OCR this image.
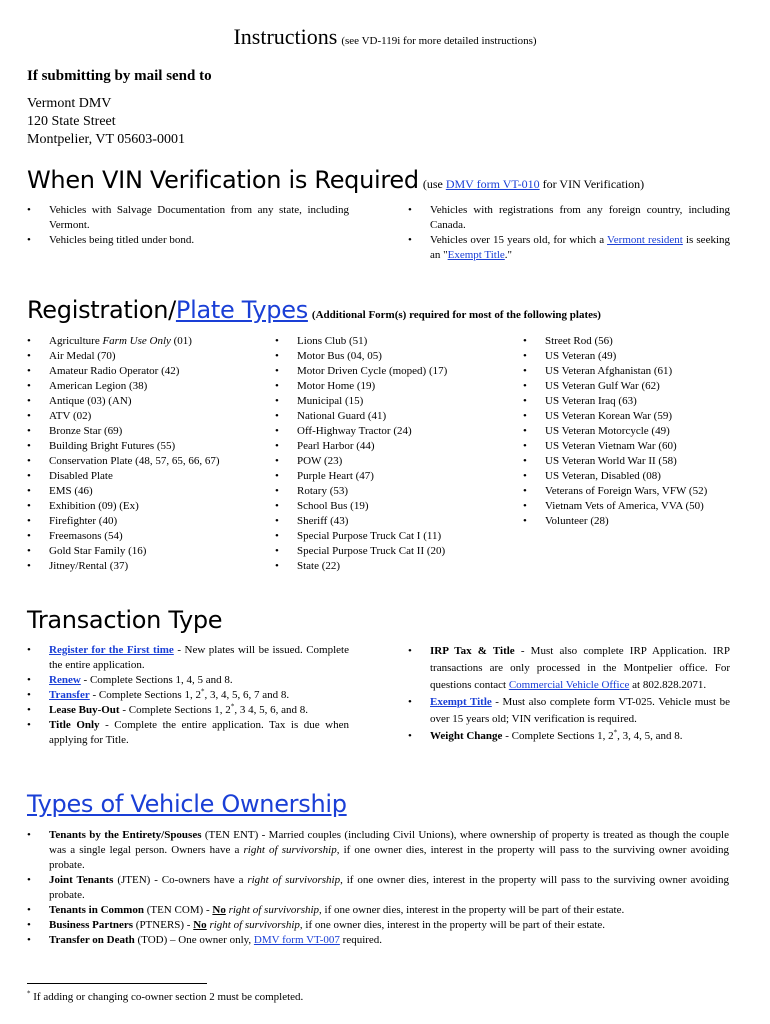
Instructions (see VD-119i for more detailed instructions)
If submitting by mail send to
Vermont DMV
120 State Street
Montpelier, VT 05603-0001
When VIN Verification is Required (use DMV form VT-010 for VIN Verification)
• Vehicles with Salvage Documentation from any state, including Vermont.
• Vehicles being titled under bond.
• Vehicles with registrations from any foreign country, including Canada.
• Vehicles over 15 years old, for which a Vermont resident is seeking an "Exempt Title."
Registration/Plate Types (Additional Form(s) required for most of the following plates)
• Agriculture Farm Use Only (01)
• Air Medal (70)
• Amateur Radio Operator (42)
• American Legion (38)
• Antique (03) (AN)
• ATV (02)
• Bronze Star (69)
• Building Bright Futures (55)
• Conservation Plate (48, 57, 65, 66, 67)
• Disabled Plate
• EMS (46)
• Exhibition (09) (Ex)
• Firefighter (40)
• Freemasons (54)
• Gold Star Family (16)
• Jitney/Rental (37)
• Lions Club (51)
• Motor Bus (04, 05)
• Motor Driven Cycle (moped) (17)
• Motor Home (19)
• Municipal (15)
• National Guard (41)
• Off-Highway Tractor (24)
• Pearl Harbor (44)
• POW (23)
• Purple Heart (47)
• Rotary (53)
• School Bus (19)
• Sheriff (43)
• Special Purpose Truck Cat I (11)
• Special Purpose Truck Cat II (20)
• State (22)
• Street Rod (56)
• US Veteran (49)
• US Veteran Afghanistan (61)
• US Veteran Gulf War (62)
• US Veteran Iraq (63)
• US Veteran Korean War (59)
• US Veteran Motorcycle (49)
• US Veteran Vietnam War (60)
• US Veteran World War II (58)
• US Veteran, Disabled (08)
• Veterans of Foreign Wars, VFW (52)
• Vietnam Vets of America, VVA (50)
• Volunteer (28)
Transaction Type
• Register for the First time - New plates will be issued. Complete the entire application.
• Renew - Complete Sections 1, 4, 5 and 8.
• Transfer - Complete Sections 1, 2*, 3, 4, 5, 6, 7 and 8.
• Lease Buy-Out - Complete Sections 1, 2*, 3 4, 5, 6, and 8.
• Title Only - Complete the entire application. Tax is due when applying for Title.
• IRP Tax & Title - Must also complete IRP Application. IRP transactions are only processed in the Montpelier office. For questions contact Commercial Vehicle Office at 802.828.2071.
• Exempt Title - Must also complete form VT-025. Vehicle must be over 15 years old; VIN verification is required.
• Weight Change - Complete Sections 1, 2*, 3, 4, 5, and 8.
Types of Vehicle Ownership
• Tenants by the Entirety/Spouses (TEN ENT) - Married couples (including Civil Unions), where ownership of property is treated as though the couple was a single legal person. Owners have a right of survivorship, if one owner dies, interest in the property will pass to the surviving owner avoiding probate.
• Joint Tenants (JTEN) - Co-owners have a right of survivorship, if one owner dies, interest in the property will pass to the surviving owner avoiding probate.
• Tenants in Common (TEN COM) - No right of survivorship, if one owner dies, interest in the property will be part of their estate.
• Business Partners (PTNERS) - No right of survivorship, if one owner dies, interest in the property will be part of their estate.
• Transfer on Death (TOD) – One owner only, DMV form VT-007 required.
* If adding or changing co-owner section 2 must be completed.
